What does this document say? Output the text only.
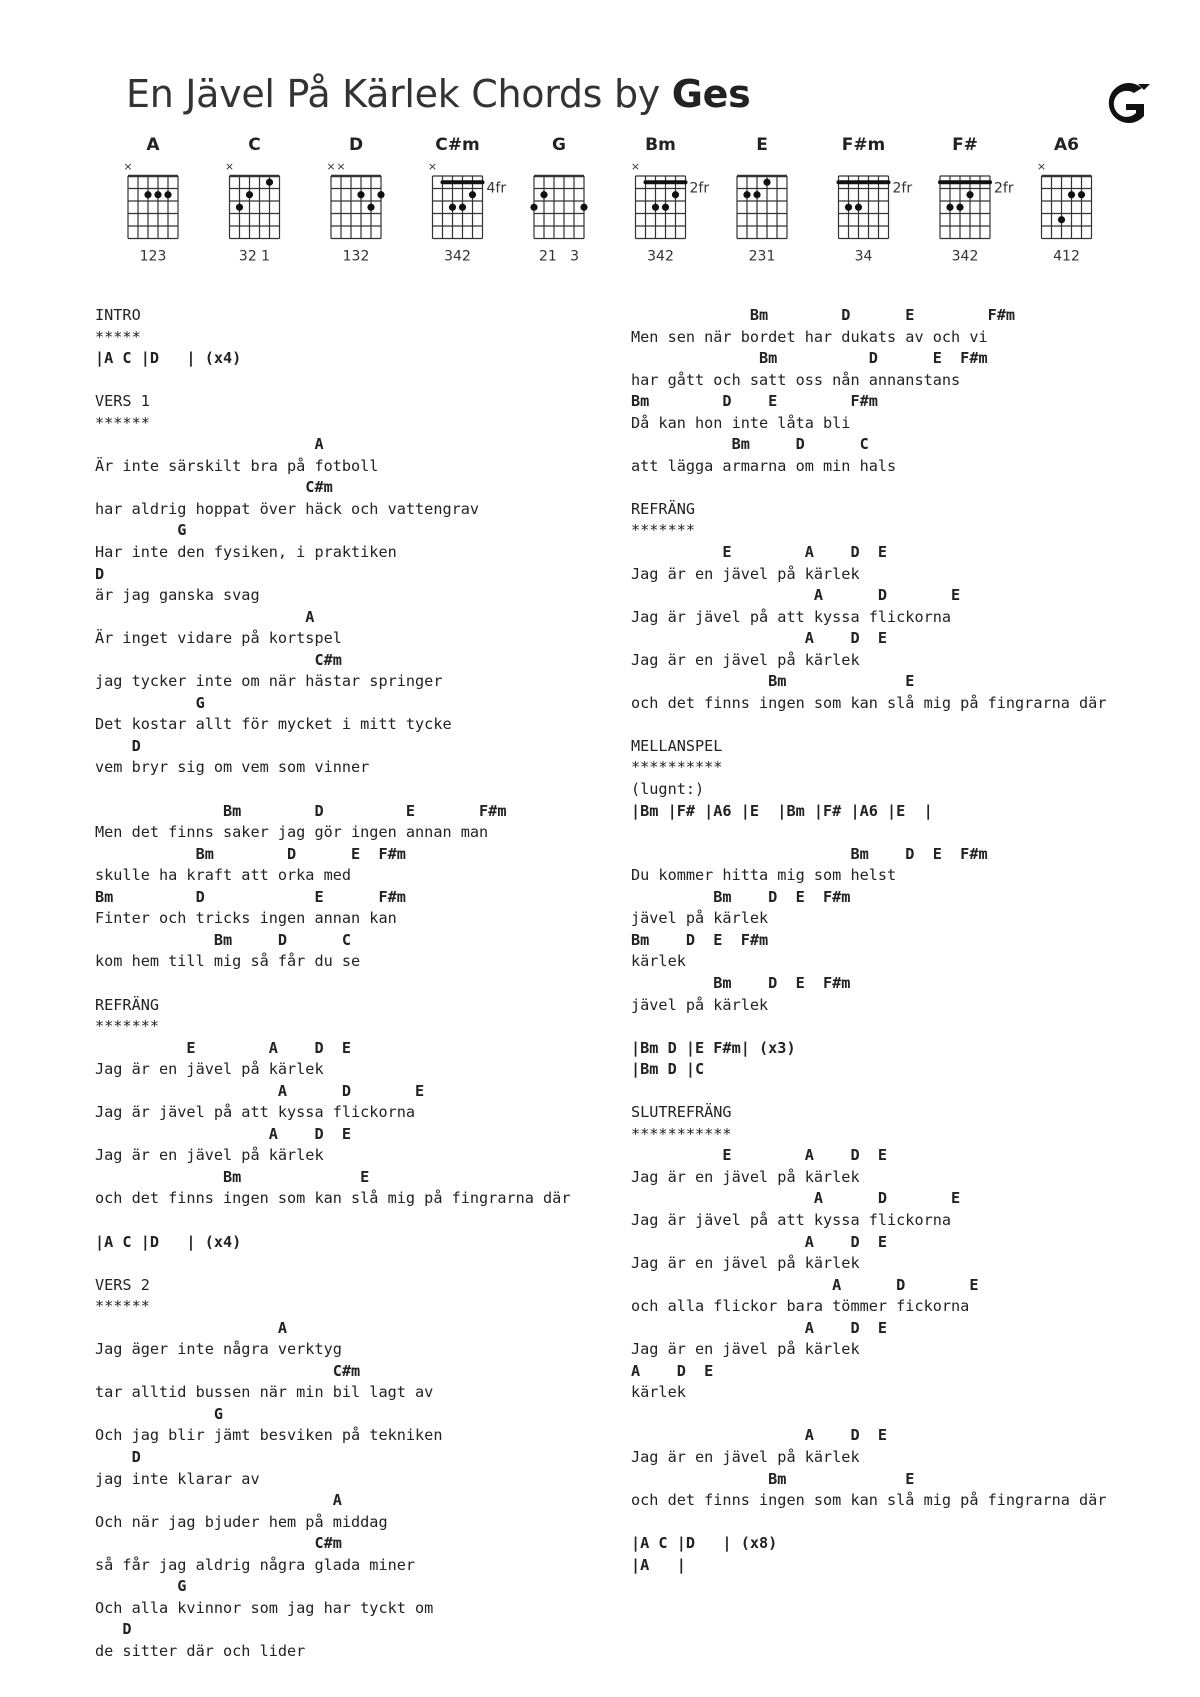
En Jävel På Kärlek Chords by Ges
A
×
123
C
×
32 1
D
× ×
132
C#m
×
4fr
342
G
21   3
Bm
×
2fr
342
E
231
F#m
2fr
34
F#
2fr
342
A6
×
412
INTRO
*****
|A C |D   | (x4)
VERS 1
******
A
Är inte särskilt bra på fotboll
C#m
har aldrig hoppat över häck och vattengrav
G
Har inte den fysiken, i praktiken
D
är jag ganska svag
A
Är inget vidare på kortspel
C#m
jag tycker inte om när hästar springer
G
Det kostar allt för mycket i mitt tycke
D
vem bryr sig om vem som vinner
Bm        D         E       F#m
Men det finns saker jag gör ingen annan man
Bm        D      E  F#m
skulle ha kraft att orka med
Bm         D            E      F#m
Finter och tricks ingen annan kan
Bm     D      C
kom hem till mig så får du se
REFRÄNG
*******
E        A    D  E
Jag är en jävel på kärlek
A      D       E
Jag är jävel på att kyssa flickorna
A    D  E
Jag är en jävel på kärlek
Bm             E
och det finns ingen som kan slå mig på fingrarna där
|A C |D   | (x4)
VERS 2
******
A
Jag äger inte några verktyg
C#m
tar alltid bussen när min bil lagt av
G
Och jag blir jämt besviken på tekniken
D
jag inte klarar av
A
Och när jag bjuder hem på middag
C#m
så får jag aldrig några glada miner
G
Och alla kvinnor som jag har tyckt om
D
de sitter där och lider
Bm        D      E        F#m
Men sen när bordet har dukats av och vi
Bm          D      E  F#m
har gått och satt oss nån annanstans
Bm        D    E        F#m
Då kan hon inte låta bli
Bm     D      C
att lägga armarna om min hals
REFRÄNG
*******
E        A    D  E
Jag är en jävel på kärlek
A      D       E
Jag är jävel på att kyssa flickorna
A    D  E
Jag är en jävel på kärlek
Bm             E
och det finns ingen som kan slå mig på fingrarna där
MELLANSPEL
**********
(lugnt:)
|Bm |F# |A6 |E  |Bm |F# |A6 |E  |
Bm    D  E  F#m
Du kommer hitta mig som helst
Bm    D  E  F#m
jävel på kärlek
Bm    D  E  F#m
kärlek
Bm    D  E  F#m
jävel på kärlek
|Bm D |E F#m| (x3)
|Bm D |C
SLUTREFRÄNG
***********
E        A    D  E
Jag är en jävel på kärlek
A      D       E
Jag är jävel på att kyssa flickorna
A    D  E
Jag är en jävel på kärlek
A      D       E
och alla flickor bara tömmer fickorna
A    D  E
Jag är en jävel på kärlek
A    D  E
kärlek
A    D  E
Jag är en jävel på kärlek
Bm             E
och det finns ingen som kan slå mig på fingrarna där
|A C |D   | (x8)
|A   |
